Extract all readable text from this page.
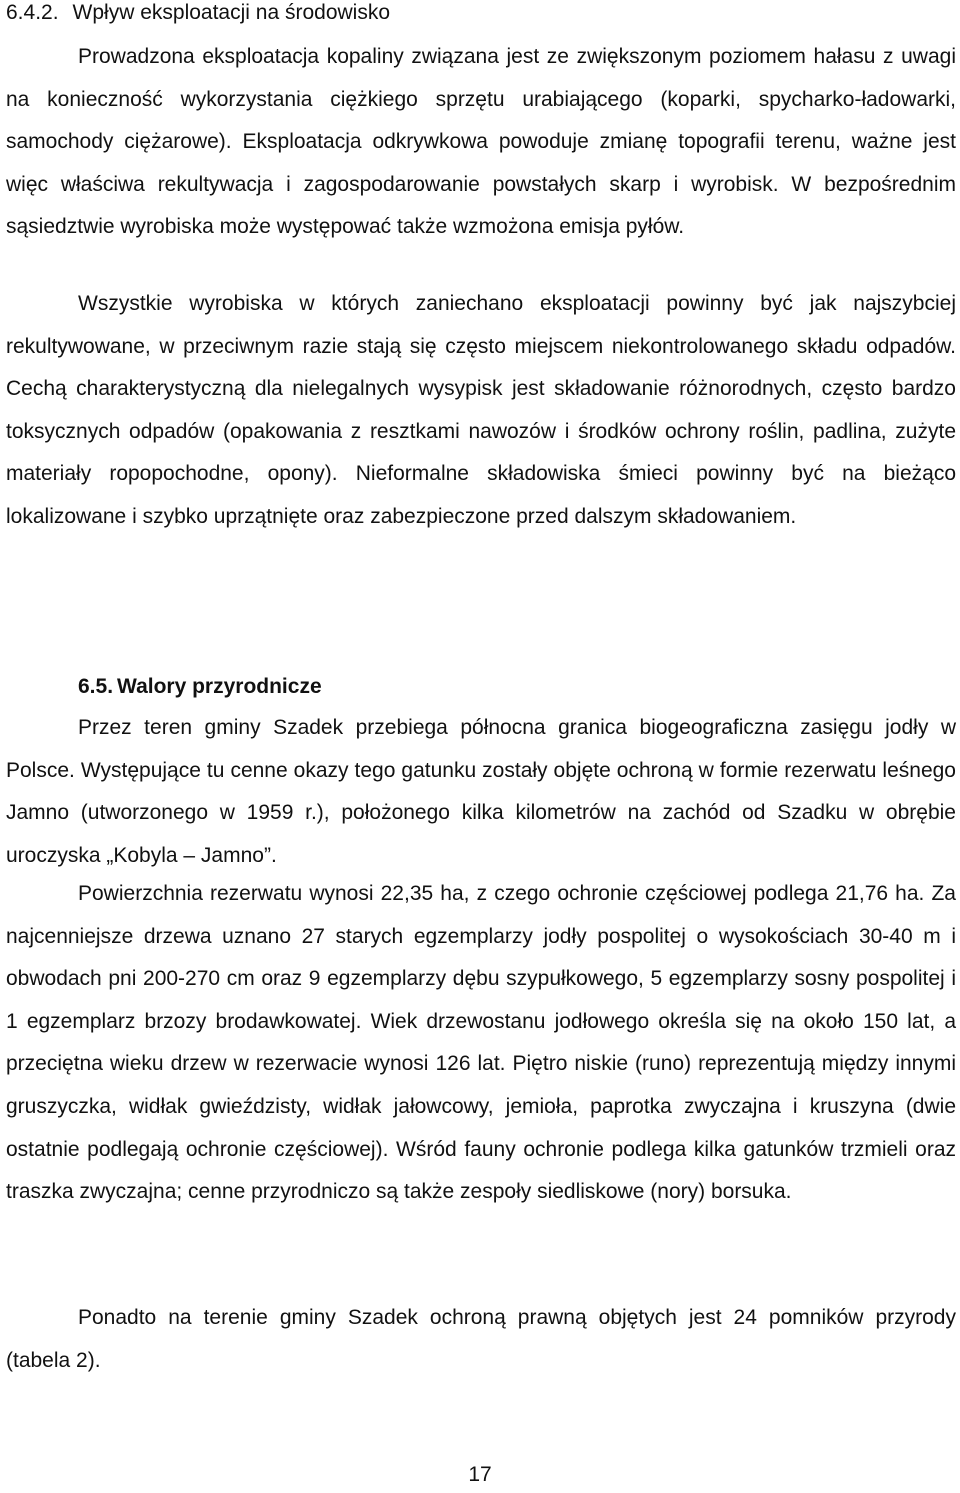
6.4.2. Wpływ eksploatacji na środowisko

Prowadzona eksploatacja kopaliny związana jest ze zwiększonym poziomem hałasu z uwagi na konieczność wykorzystania ciężkiego sprzętu urabiającego (koparki, spycharko-ładowarki, samochody ciężarowe). Eksploatacja odkrywkowa powoduje zmianę topografii terenu, ważne jest więc właściwa rekultywacja i zagospodarowanie powstałych skarp i wyrobisk. W bezpośrednim sąsiedztwie wyrobiska może występować także wzmożona emisja pyłów.

Wszystkie wyrobiska w których zaniechano eksploatacji powinny być jak najszybciej rekultywowane, w przeciwnym razie stają się często miejscem niekontrolowanego składu odpadów. Cechą charakterystyczną dla nielegalnych wysypisk jest składowanie różnorodnych, często bardzo toksycznych odpadów (opakowania z resztkami nawozów i środków ochrony roślin, padlina, zużyte materiały ropopochodne, opony). Nieformalne składowiska śmieci powinny być na bieżąco lokalizowane i szybko uprzątnięte oraz zabezpieczone przed dalszym składowaniem.

6.5. Walory przyrodnicze

Przez teren gminy Szadek przebiega północna granica biogeograficzna zasięgu jodły w Polsce. Występujące tu cenne okazy tego gatunku zostały objęte ochroną w formie rezerwatu leśnego Jamno (utworzonego w 1959 r.), położonego kilka kilometrów na zachód od Szadku w obrębie uroczyska „Kobyla – Jamno”.

Powierzchnia rezerwatu wynosi 22,35 ha, z czego ochronie częściowej podlega 21,76 ha. Za najcenniejsze drzewa uznano 27 starych egzemplarzy jodły pospolitej o wysokościach 30-40 m i obwodach pni 200-270 cm oraz 9 egzemplarzy dębu szypułkowego, 5 egzemplarzy sosny pospolitej i 1 egzemplarz brzozy brodawkowatej. Wiek drzewostanu jodłowego określa się na około 150 lat, a przeciętna wieku drzew w rezerwacie wynosi 126 lat. Piętro niskie (runo) reprezentują między innymi gruszyczka, widłak gwieździsty, widłak jałowcowy, jemioła, paprotka zwyczajna i kruszyna (dwie ostatnie podlegają ochronie częściowej). Wśród fauny ochronie podlega kilka gatunków trzmieli oraz traszka zwyczajna; cenne przyrodniczo są także zespoły siedliskowe (nory) borsuka.

Ponadto na terenie gminy Szadek ochroną prawną objętych jest 24 pomników przyrody (tabela 2).

17
